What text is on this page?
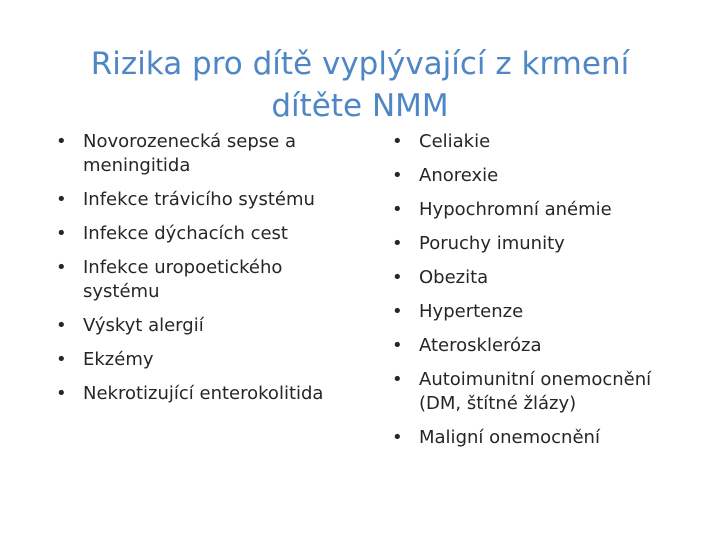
Rizika pro dítě vyplývající z krmení
dítěte NMM
• Novorozenecká sepse a meningitida
• Infekce trávicího systému
• Infekce dýchacích cest
• Infekce uropoetického systému
• Výskyt alergií
• Ekzémy
• Nekrotizující enterokolitida
• Celiakie
• Anorexie
• Hypochromní anémie
• Poruchy imunity
• Obezita
• Hypertenze
• Ateroskleróza
• Autoimunitní onemocnění (DM, štítné žlázy)
• Maligní onemocnění
